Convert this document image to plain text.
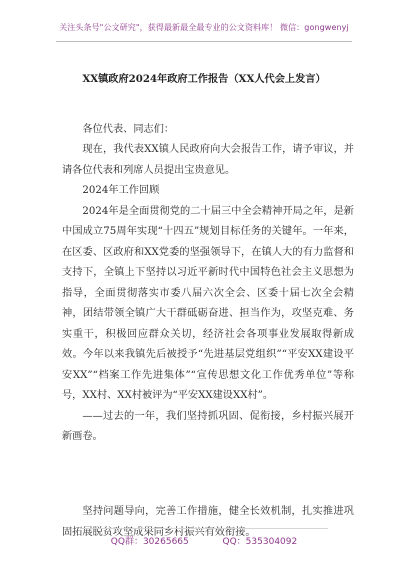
关注头条号"公文研究"，获得最新最全最专业的公文资料库！ 微信：gongwenyj
XX镇政府2024年政府工作报告（XX人代会上发言）

各位代表、同志们：

现在，我代表XX镇人民政府向大会报告工作，请予审议，并请各位代表和列席人员提出宝贵意见。

2024年工作回顾

2024年是全面贯彻党的二十届三中全会精神开局之年，是新中国成立75周年实现“十四五”规划目标任务的关键年。一年来，在区委、区政府和XX党委的坚强领导下，在镇人大的有力监督和支持下，全镇上下坚持以习近平新时代中国特色社会主义思想为指导，全面贯彻落实市委八届六次全会、区委十届七次全会精神，团结带领全镇广大干群砥砺奋进、担当作为，攻坚克难、务实重干，积极回应群众关切，经济社会各项事业发展取得新成效。今年以来我镇先后被授予“先进基层党组织”“平安XX建设平安XX”“档案工作先进集体”“宣传思想文化工作优秀单位”等称号，XX村、XX村被评为“平安XX建设XX村”。

——过去的一年，我们坚持抓巩固、促衔接，乡村振兴展开新画卷。

坚持问题导向，完善工作措施，健全长效机制，扎实推进巩固拓展脱贫攻坚成果同乡村振兴有效衔接。

QQ群：30265665	QQ：535304092
